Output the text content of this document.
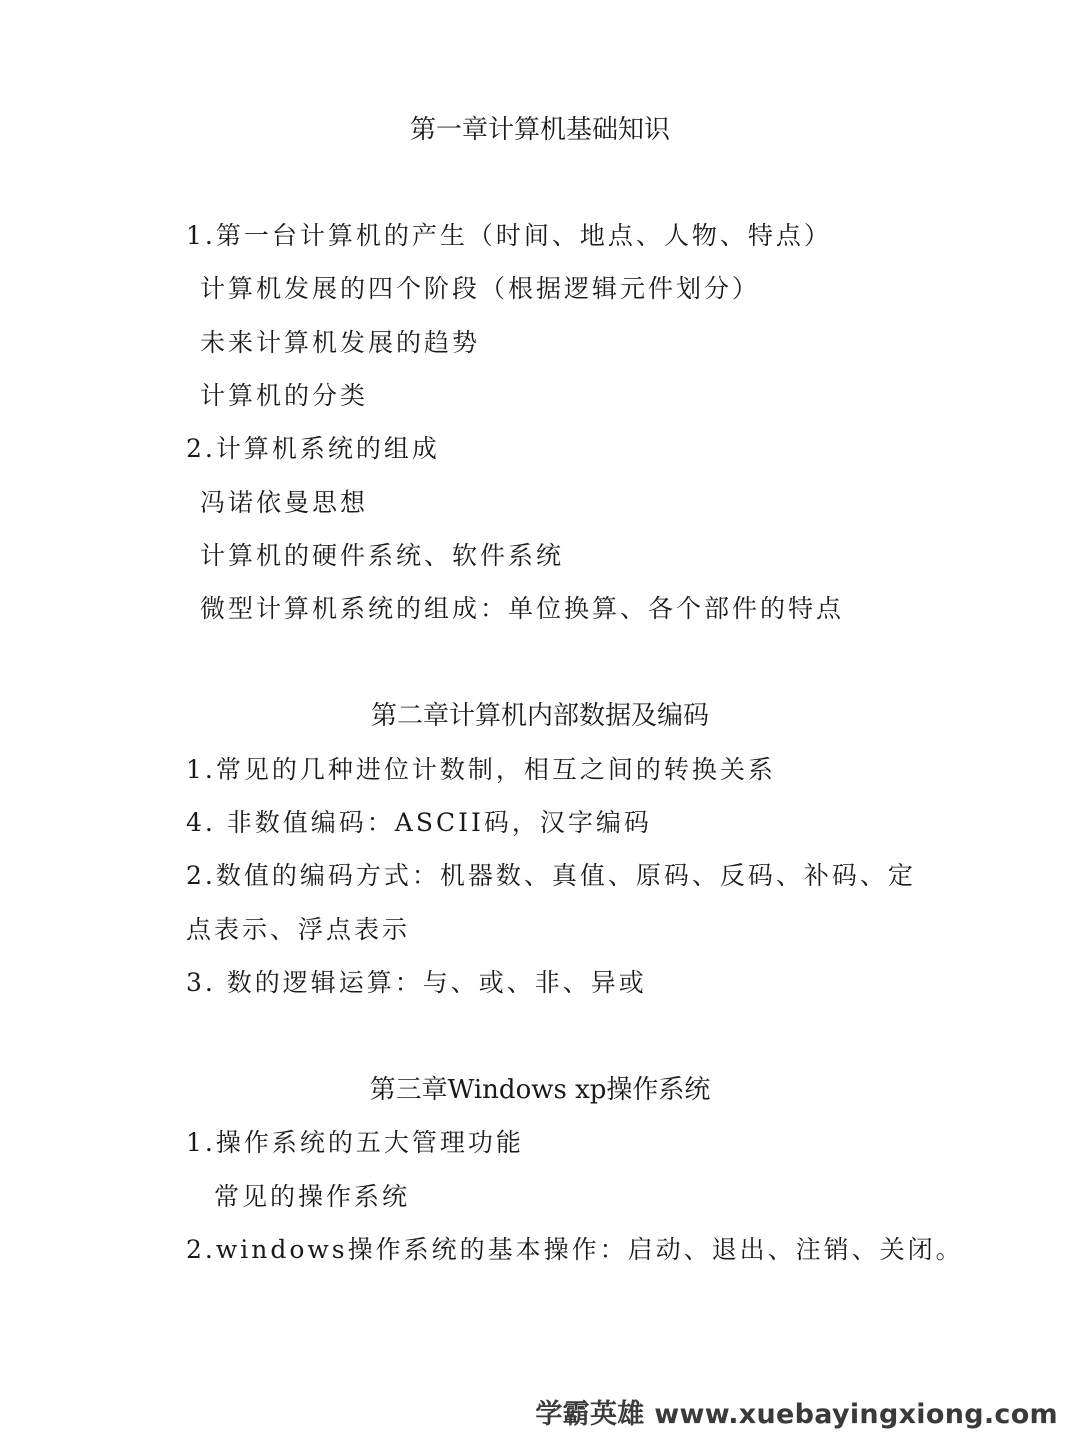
第一章计算机基础知识
1.第一台计算机的产生（时间、地点、人物、特点）
计算机发展的四个阶段（根据逻辑元件划分）
未来计算机发展的趋势
计算机的分类
2.计算机系统的组成
冯诺依曼思想
计算机的硬件系统、软件系统
微型计算机系统的组成：单位换算、各个部件的特点
第二章计算机内部数据及编码
1.常见的几种进位计数制，相互之间的转换关系
4. 非数值编码：ASCII码，汉字编码
2.数值的编码方式：机器数、真值、原码、反码、补码、定
点表示、浮点表示
3. 数的逻辑运算：与、或、非、异或
第三章Windows xp操作系统
1.操作系统的五大管理功能
常见的操作系统
2.windows操作系统的基本操作：启动、退出、注销、关闭。
学霸英雄 www.xuebayingxiong.com
